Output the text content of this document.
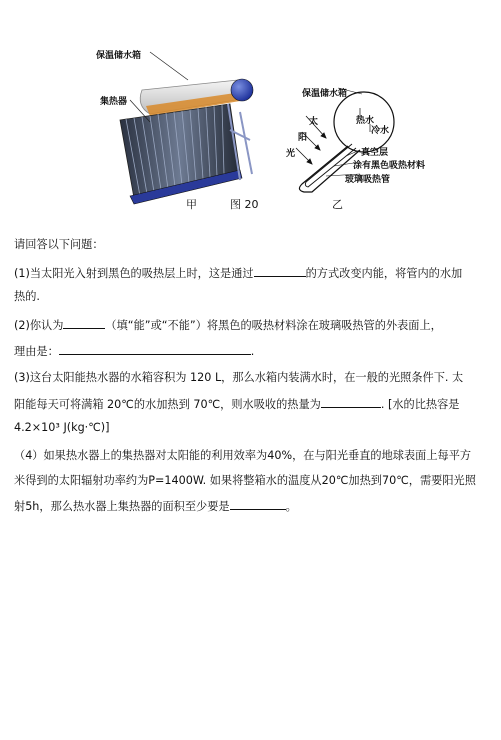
保温储水箱
集热器
保温储水箱
太
阳
光
热水
冷水
真空层
涂有黑色吸热材料
玻璃吸热管
甲	图 20	乙
请回答以下问题：
(1)当太阳光入射到黑色的吸热层上时，这是通过	的方式改变内能，将管内的水加
热的.
(2)你认为	（填“能”或“不能”）将黑色的吸热材料涂在玻璃吸热管的外表面上，
理由是：	.
(3)这台太阳能热水器的水箱容积为 120 L，那么水箱内装满水时，在一般的光照条件下. 太
阳能每天可将满箱 20℃的水加热到 70℃，则水吸收的热量为	. [水的比热容是
4.2×10³ J(kg·℃)]
（4）如果热水器上的集热器对太阳能的利用效率为40%，在与阳光垂直的地球表面上每平方
米得到的太阳辐射功率约为P=1400W. 如果将整箱水的温度从20℃加热到70℃，需要阳光照
射5h，那么热水器上集热器的面积至少要是	。
